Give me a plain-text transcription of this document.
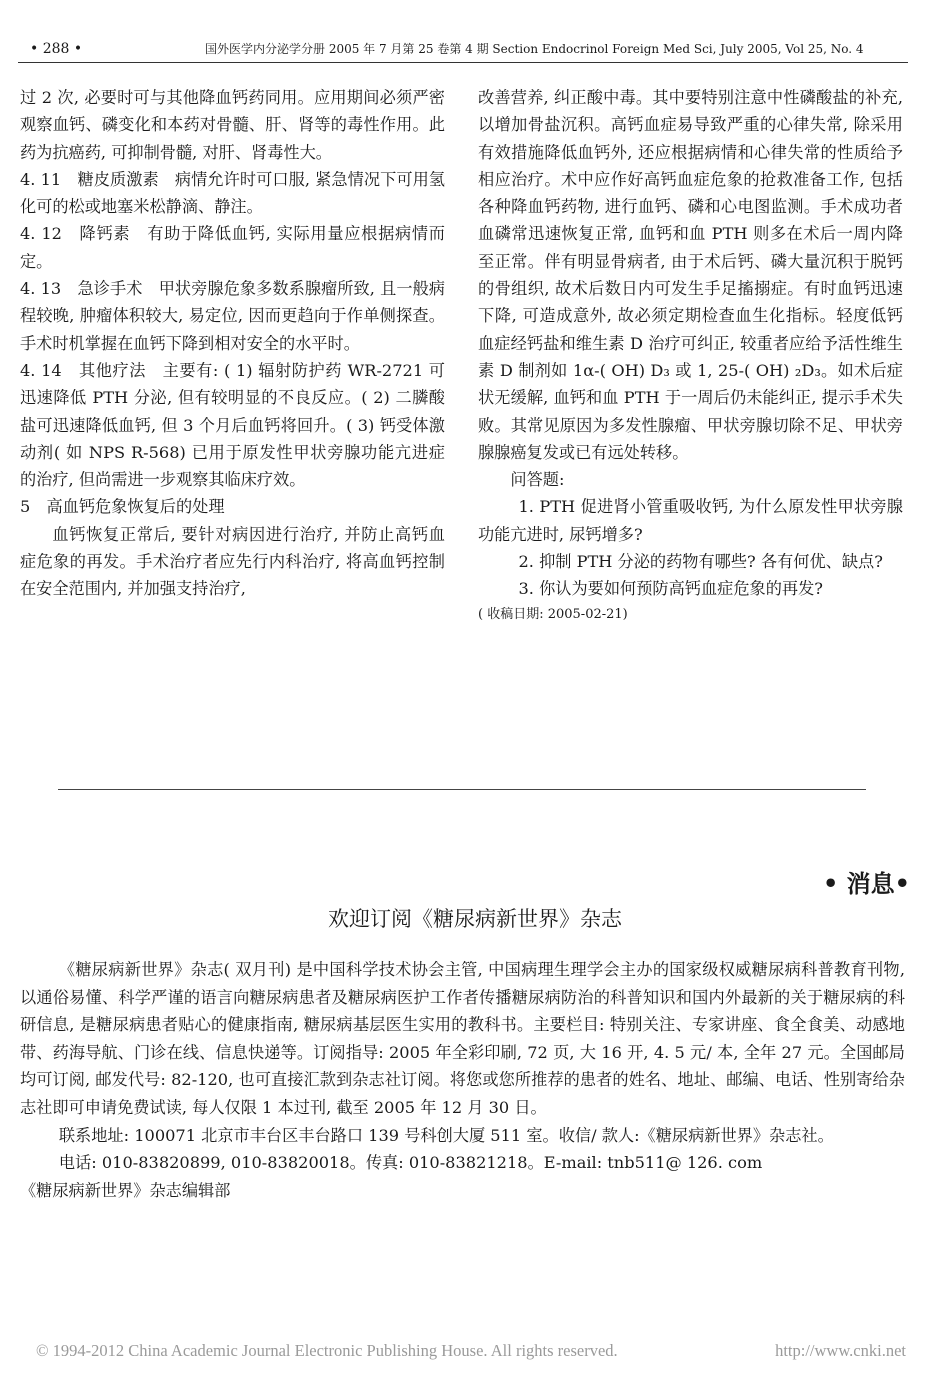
• 288 •	国外医学内分泌学分册 2005 年 7 月第 25 卷第 4 期 Section Endocrinol Foreign Med Sci, July 2005, Vol 25, No. 4

过 2 次, 必要时可与其他降血钙药同用。应用期间必须严密观察血钙、磷变化和本药对骨髓、肝、肾等的毒性作用。此药为抗癌药, 可抑制骨髓, 对肝、肾毒性大。

4. 11　糖皮质激素　病情允许时可口服, 紧急情况下可用氢化可的松或地塞米松静滴、静注。

4. 12　降钙素　有助于降低血钙, 实际用量应根据病情而定。

4. 13　急诊手术　甲状旁腺危象多数系腺瘤所致, 且一般病程较晚, 肿瘤体积较大, 易定位, 因而更趋向于作单侧探查。手术时机掌握在血钙下降到相对安全的水平时。

4. 14　其他疗法　主要有: ( 1) 辐射防护药 WR-2721 可迅速降低 PTH 分泌, 但有较明显的不良反应。( 2) 二膦酸盐可迅速降低血钙, 但 3 个月后血钙将回升。( 3) 钙受体激动剂( 如 NPS R-568) 已用于原发性甲状旁腺功能亢进症的治疗, 但尚需进一步观察其临床疗效。

5　高血钙危象恢复后的处理

血钙恢复正常后, 要针对病因进行治疗, 并防止高钙血症危象的再发。手术治疗者应先行内科治疗, 将高血钙控制在安全范围内, 并加强支持治疗,

改善营养, 纠正酸中毒。其中要特别注意中性磷酸盐的补充, 以增加骨盐沉积。高钙血症易导致严重的心律失常, 除采用有效措施降低血钙外, 还应根据病情和心律失常的性质给予相应治疗。术中应作好高钙血症危象的抢救准备工作, 包括各种降血钙药物, 进行血钙、磷和心电图监测。手术成功者血磷常迅速恢复正常, 血钙和血 PTH 则多在术后一周内降至正常。伴有明显骨病者, 由于术后钙、磷大量沉积于脱钙的骨组织, 故术后数日内可发生手足搐搦症。有时血钙迅速下降, 可造成意外, 故必须定期检查血生化指标。轻度低钙血症经钙盐和维生素 D 治疗可纠正, 较重者应给予活性维生素 D 制剂如 1α-( OH) D₃ 或 1, 25-( OH) ₂D₃。如术后症状无缓解, 血钙和血 PTH 于一周后仍未能纠正, 提示手术失败。其常见原因为多发性腺瘤、甲状旁腺切除不足、甲状旁腺腺癌复发或已有远处转移。

问答题:

1. PTH 促进肾小管重吸收钙, 为什么原发性甲状旁腺功能亢进时, 尿钙增多?

2. 抑制 PTH 分泌的药物有哪些? 各有何优、缺点?

3. 你认为要如何预防高钙血症危象的再发?

( 收稿日期: 2005-02-21)

• 消息•
欢迎订阅《糖尿病新世界》杂志

《糖尿病新世界》杂志( 双月刊) 是中国科学技术协会主管, 中国病理生理学会主办的国家级权威糖尿病科普教育刊物, 以通俗易懂、科学严谨的语言向糖尿病患者及糖尿病医护工作者传播糖尿病防治的科普知识和国内外最新的关于糖尿病的科研信息, 是糖尿病患者贴心的健康指南, 糖尿病基层医生实用的教科书。主要栏目: 特别关注、专家讲座、食全食美、动感地带、药海导航、门诊在线、信息快递等。订阅指导: 2005 年全彩印刷, 72 页, 大 16 开, 4. 5 元/ 本, 全年 27 元。全国邮局均可订阅, 邮发代号: 82-120, 也可直接汇款到杂志社订阅。将您或您所推荐的患者的姓名、地址、邮编、电话、性别寄给杂志社即可申请免费试读, 每人仅限 1 本过刊, 截至 2005 年 12 月 30 日。

联系地址: 100071 北京市丰台区丰台路口 139 号科创大厦 511 室。收信/ 款人:《糖尿病新世界》杂志社。

电话: 010-83820899, 010-83820018。传真: 010-83821218。E-mail: tnb511@ 126. com

《糖尿病新世界》杂志编辑部

© 1994-2012 China Academic Journal Electronic Publishing House. All rights reserved.	http://www.cnki.net
